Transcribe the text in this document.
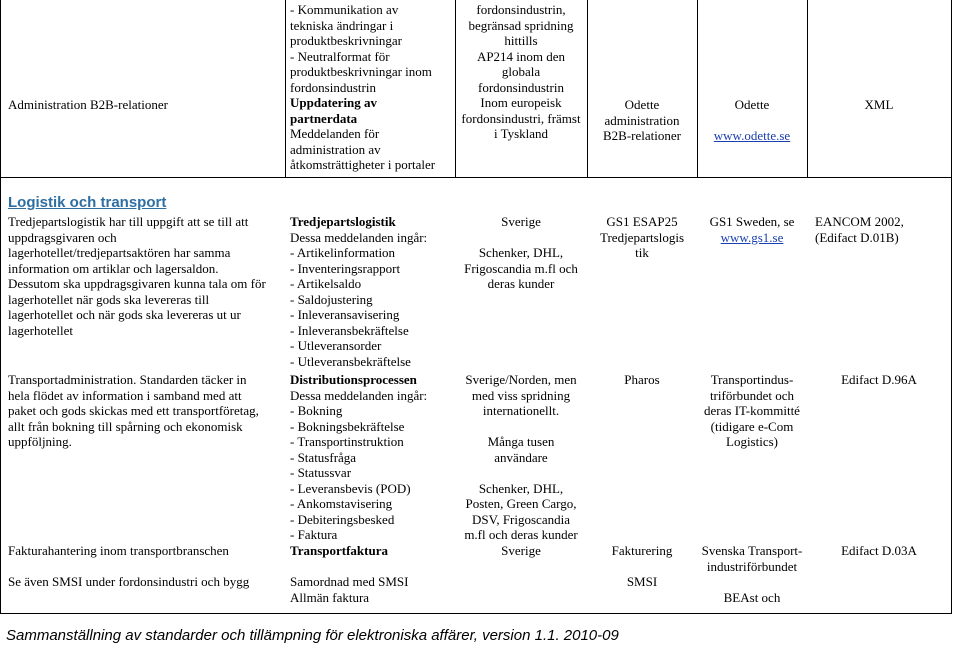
Administration B2B-relationer
- Kommunikation av
tekniska ändringar i
produktbeskrivningar
- Neutralformat för
produktbeskrivningar inom
fordonsindustrin
Uppdatering av
partnerdata
Meddelanden för
administration av
åtkomsträttigheter i portaler
fordonsindustrin,
begränsad spridning
hittills
AP214 inom den
globala
fordonsindustrin
Inom europeisk
fordonsindustri, främst
i Tyskland
Odette
administration
B2B-relationer
Odette
www.odette.se
XML
Logistik och transport
Tredjepartslogistik har till uppgift att se till att
uppdragsgivaren och
lagerhotellet/tredjepartsaktören har samma
information om artiklar och lagersaldon.
Dessutom ska uppdragsgivaren kunna tala om för
lagerhotellet när gods ska levereras till
lagerhotellet och när gods ska levereras ut ur
lagerhotellet
Tredjepartslogistik
Dessa meddelanden ingår:
- Artikelinformation
- Inventeringsrapport
- Artikelsaldo
- Saldojustering
- Inleveransavisering
- Inleveransbekräftelse
- Utleveransorder
- Utleveransbekräftelse
Sverige
Schenker, DHL,
Frigoscandia m.fl och
deras kunder
GS1 ESAP25
Tredjepartslogis
tik
GS1 Sweden, se
www.gs1.se
EANCOM 2002,
(Edifact D.01B)
Transportadministration. Standarden täcker in
hela flödet av information i samband med att
paket och gods skickas med ett transportföretag,
allt från bokning till spårning och ekonomisk
uppföljning.
Distributionsprocessen
Dessa meddelanden ingår:
- Bokning
- Bokningsbekräftelse
- Transportinstruktion
- Statusfråga
- Statussvar
- Leveransbevis (POD)
- Ankomstavisering
- Debiteringsbesked
- Faktura
Sverige/Norden, men
med viss spridning
internationellt.
Många tusen
användare
Schenker, DHL,
Posten, Green Cargo,
DSV, Frigoscandia
m.fl och deras kunder
Pharos	Transportindus-
triförbundet och
deras IT-kommitté
(tidigare e-Com
Logistics)
Edifact D.96A
Fakturahantering inom transportbranschen
Se även SMSI under fordonsindustri och bygg
Transportfaktura
Samordnad med SMSI
Allmän faktura
Sverige	Fakturering
SMSI
Svenska Transport-
industriförbundet
BEAst och
Edifact D.03A
Sammanställning av standarder och tillämpning för elektroniska affärer, version 1.1. 2010-09
